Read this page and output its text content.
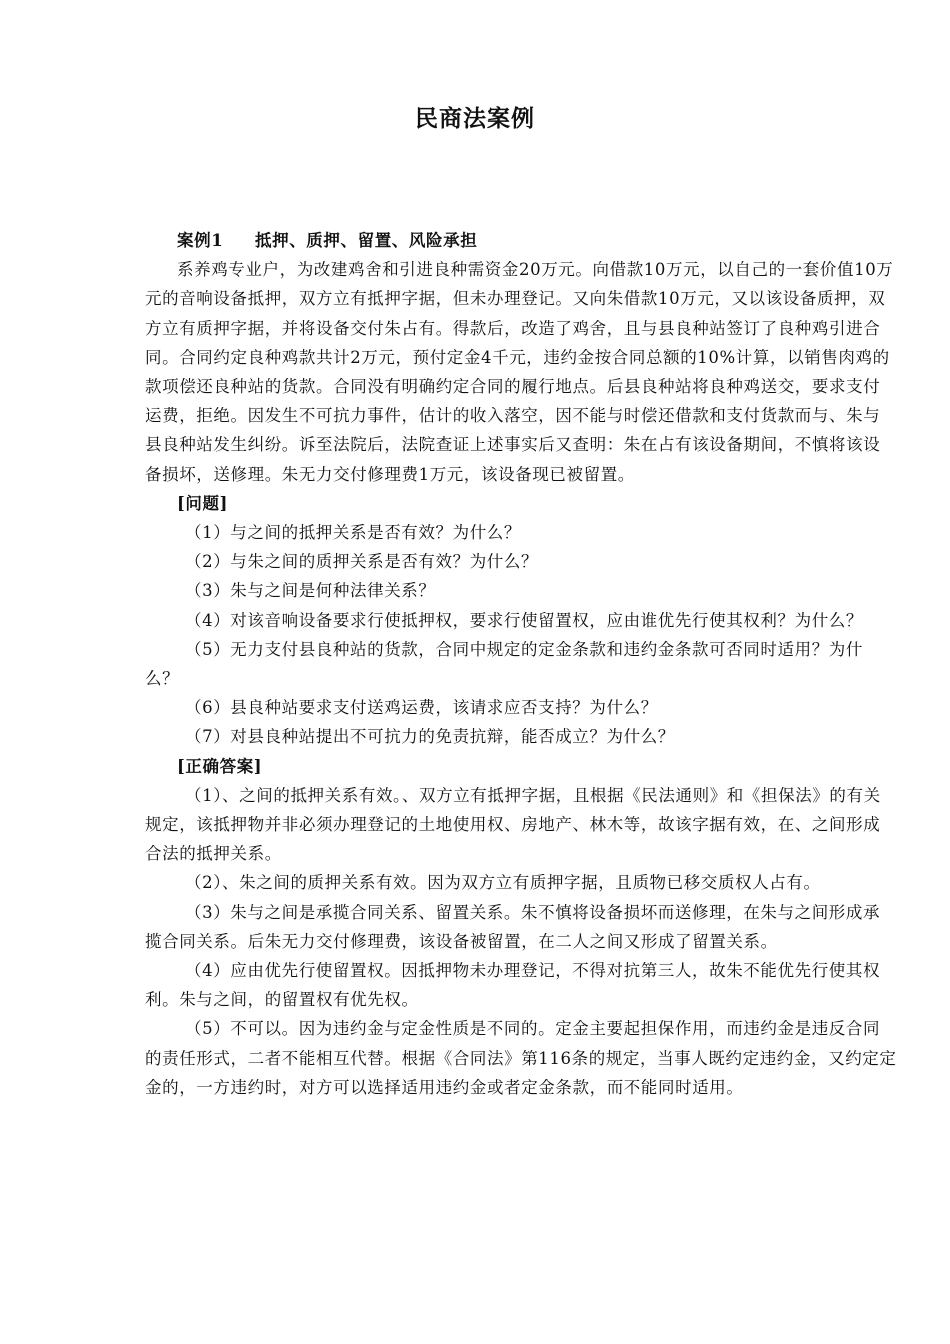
民商法案例
案例1 抵押、质押、留置、风险承担

系养鸡专业户，为改建鸡舍和引进良种需资金20万元。向借款10万元，以自己的一套价值10万元的音响设备抵押，双方立有抵押字据，但未办理登记。又向朱借款10万元，又以该设备质押，双方立有质押字据，并将设备交付朱占有。得款后，改造了鸡舍，且与县良种站签订了良种鸡引进合同。合同约定良种鸡款共计2万元，预付定金4千元，违约金按合同总额的10%计算，以销售肉鸡的款项偿还良种站的货款。合同没有明确约定合同的履行地点。后县良种站将良种鸡送交，要求支付运费，拒绝。因发生不可抗力事件，估计的收入落空，因不能与时偿还借款和支付货款而与、朱与县良种站发生纠纷。诉至法院后，法院查证上述事实后又查明：朱在占有该设备期间，不慎将该设备损坏，送修理。朱无力交付修理费1万元，该设备现已被留置。

[问题]

（1）与之间的抵押关系是否有效？为什么？

（2）与朱之间的质押关系是否有效？为什么？

（3）朱与之间是何种法律关系？

（4）对该音响设备要求行使抵押权，要求行使留置权，应由谁优先行使其权利？为什么？

（5）无力支付县良种站的货款，合同中规定的定金条款和违约金条款可否同时适用？为什么？

（6）县良种站要求支付送鸡运费，该请求应否支持？为什么？

（7）对县良种站提出不可抗力的免责抗辩，能否成立？为什么？

[正确答案]

（1）、之间的抵押关系有效。、双方立有抵押字据，且根据《民法通则》和《担保法》的有关规定，该抵押物并非必须办理登记的土地使用权、房地产、林木等，故该字据有效，在、之间形成合法的抵押关系。

（2）、朱之间的质押关系有效。因为双方立有质押字据，且质物已移交质权人占有。

（3）朱与之间是承揽合同关系、留置关系。朱不慎将设备损坏而送修理，在朱与之间形成承揽合同关系。后朱无力交付修理费，该设备被留置，在二人之间又形成了留置关系。

（4）应由优先行使留置权。因抵押物未办理登记，不得对抗第三人，故朱不能优先行使其权利。朱与之间，的留置权有优先权。

（5）不可以。因为违约金与定金性质是不同的。定金主要起担保作用，而违约金是违反合同的责任形式，二者不能相互代替。根据《合同法》第116条的规定，当事人既约定违约金，又约定定金的，一方违约时，对方可以选择适用违约金或者定金条款，而不能同时适用。
